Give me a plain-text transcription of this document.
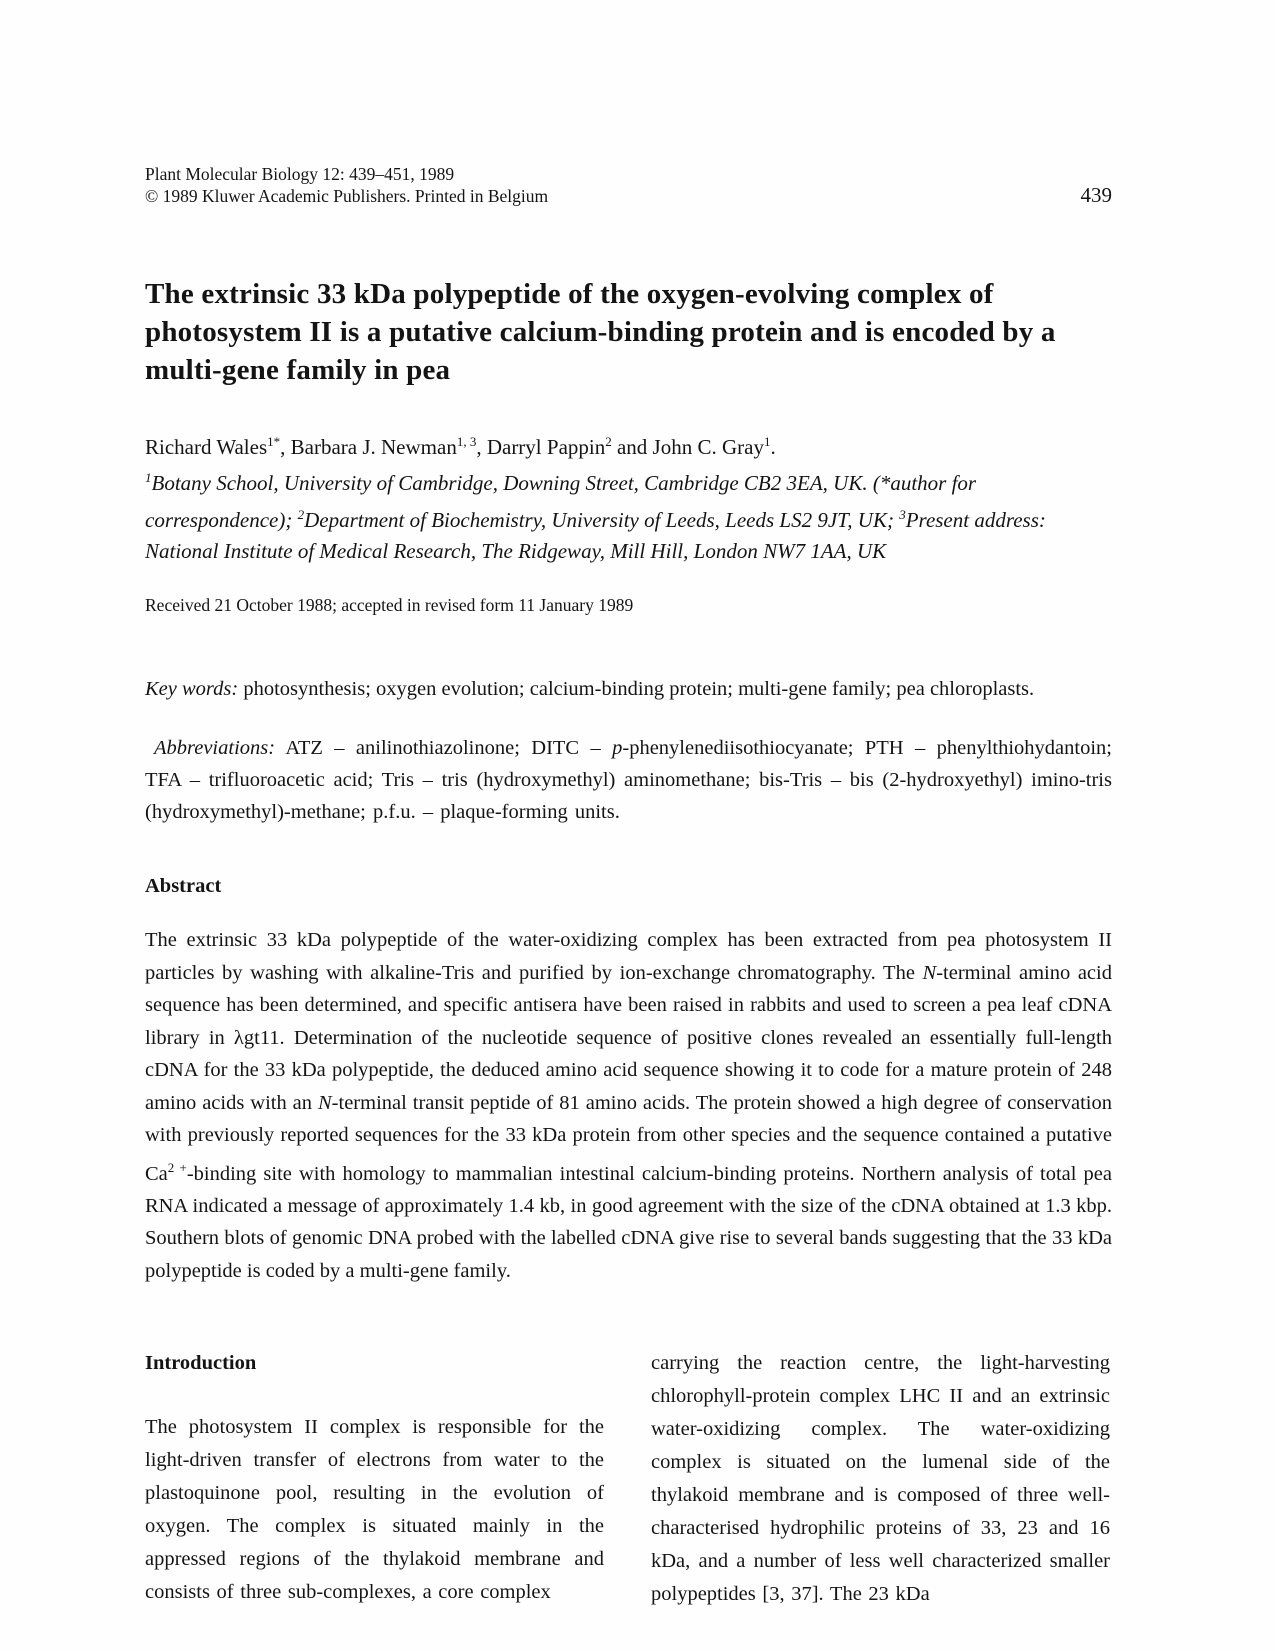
Plant Molecular Biology 12: 439–451, 1989
© 1989 Kluwer Academic Publishers. Printed in Belgium	439
The extrinsic 33 kDa polypeptide of the oxygen-evolving complex of photosystem II is a putative calcium-binding protein and is encoded by a multi-gene family in pea
Richard Wales$^{1*}$, Barbara J. Newman$^{1, 3}$, Darryl Pappin$^2$ and John C. Gray$^1$.
$^1$Botany School, University of Cambridge, Downing Street, Cambridge CB2 3EA, UK. (*author for correspondence); $^2$Department of Biochemistry, University of Leeds, Leeds LS2 9JT, UK; $^3$Present address: National Institute of Medical Research, The Ridgeway, Mill Hill, London NW7 1AA, UK
Received 21 October 1988; accepted in revised form 11 January 1989

Key words: photosynthesis; oxygen evolution; calcium-binding protein; multi-gene family; pea chloroplasts.

Abbreviations: ATZ – anilinothiazolinone; DITC – p-phenylenediisothiocyanate; PTH – phenylthiohydantoin; TFA – trifluoroacetic acid; Tris – tris (hydroxymethyl) aminomethane; bis-Tris – bis (2-hydroxyethyl) imino-tris (hydroxymethyl)-methane; p.f.u. – plaque-forming units.

Abstract

The extrinsic 33 kDa polypeptide of the water-oxidizing complex has been extracted from pea photosystem II particles by washing with alkaline-Tris and purified by ion-exchange chromatography. The N-terminal amino acid sequence has been determined, and specific antisera have been raised in rabbits and used to screen a pea leaf cDNA library in λgt11. Determination of the nucleotide sequence of positive clones revealed an essentially full-length cDNA for the 33 kDa polypeptide, the deduced amino acid sequence showing it to code for a mature protein of 248 amino acids with an N-terminal transit peptide of 81 amino acids. The protein showed a high degree of conservation with previously reported sequences for the 33 kDa protein from other species and the sequence contained a putative $Ca^{2 +}$-binding site with homology to mammalian intestinal calcium-binding proteins. Northern analysis of total pea RNA indicated a message of approximately 1.4 kb, in good agreement with the size of the cDNA obtained at 1.3 kbp. Southern blots of genomic DNA probed with the labelled cDNA give rise to several bands suggesting that the 33 kDa polypeptide is coded by a multi-gene family.

Introduction

The photosystem II complex is responsible for the light-driven transfer of electrons from water to the plastoquinone pool, resulting in the evolution of oxygen. The complex is situated mainly in the appressed regions of the thylakoid membrane and consists of three sub-complexes, a core complex

carrying the reaction centre, the light-harvesting chlorophyll-protein complex LHC II and an extrinsic water-oxidizing complex. The water-oxidizing complex is situated on the lumenal side of the thylakoid membrane and is composed of three well-characterised hydrophilic proteins of 33, 23 and 16 kDa, and a number of less well characterized smaller polypeptides [3, 37]. The 23 kDa
